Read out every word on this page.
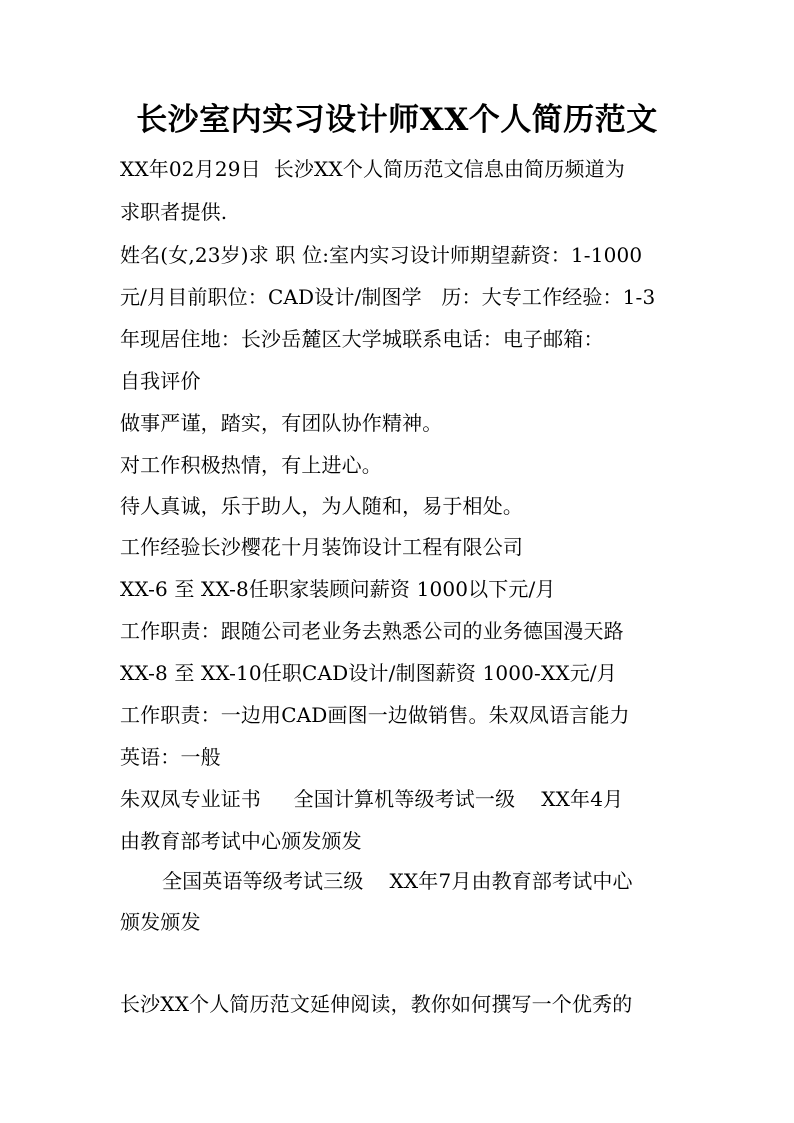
长沙室内实习设计师XX个人简历范文
XX年02月29日  长沙XX个人简历范文信息由简历频道为
求职者提供.
姓名(女,23岁)求 职 位:室内实习设计师期望薪资：1-1000
元/月目前职位：CAD设计/制图学   历：大专工作经验：1-3
年现居住地：长沙岳麓区大学城联系电话：电子邮箱：
自我评价
做事严谨，踏实，有团队协作精神。
对工作积极热情，有上进心。
待人真诚，乐于助人，为人随和，易于相处。
工作经验长沙樱花十月装饰设计工程有限公司
XX-6 至 XX-8任职家装顾问薪资 1000以下元/月
工作职责：跟随公司老业务去熟悉公司的业务德国漫天路
XX-8 至 XX-10任职CAD设计/制图薪资 1000-XX元/月
工作职责：一边用CAD画图一边做销售。朱双凤语言能力
英语：一般
朱双凤专业证书     全国计算机等级考试一级    XX年4月
由教育部考试中心颁发颁发
全国英语等级考试三级    XX年7月由教育部考试中心
颁发颁发
长沙XX个人简历范文延伸阅读，教你如何撰写一个优秀的
